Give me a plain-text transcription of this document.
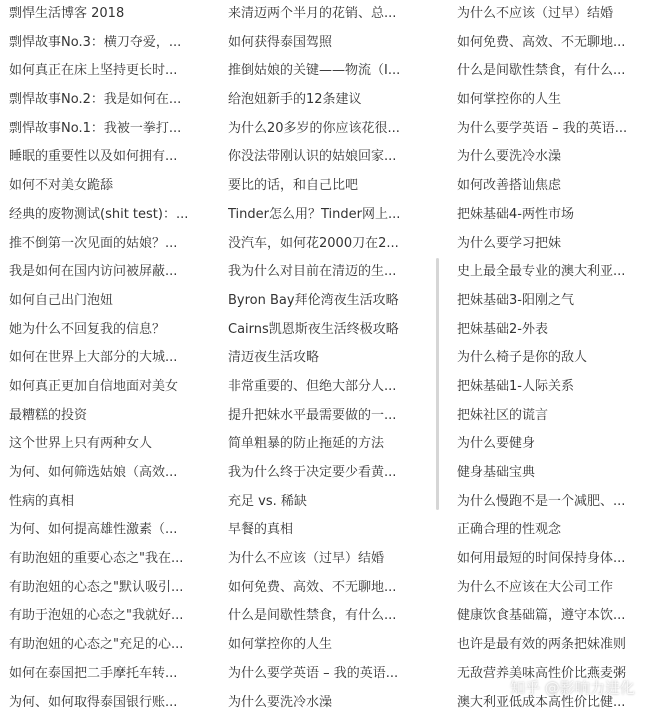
剽悍生活博客 2018
剽悍故事No.3：横刀夺爱，...
如何真正在床上坚持更长时...
剽悍故事No.2：我是如何在...
剽悍故事No.1：我被一拳打...
睡眠的重要性以及如何拥有...
如何不对美女跪舔
经典的废物测试(shit test)：...
推不倒第一次见面的姑娘？...
我是如何在国内访问被屏蔽...
如何自己出门泡妞
她为什么不回复我的信息？
如何在世界上大部分的大城...
如何真正更加自信地面对美女
最糟糕的投资
这个世界上只有两种女人
为何、如何筛选姑娘（高效...
性病的真相
为何、如何提高雄性激素（...
有助泡妞的重要心态之"我在...
有助泡妞的心态之"默认吸引...
有助于泡妞的心态之"我就好...
有助泡妞的心态之"充足的心...
如何在泰国把二手摩托车转...
为何、如何取得泰国银行账...
来清迈两个半月的花销、总...
如何获得泰国驾照
推倒姑娘的关键——物流（I...
给泡妞新手的12条建议
为什么20多岁的你应该花很...
你没法带刚认识的姑娘回家...
要比的话，和自己比吧
Tinder怎么用？Tinder网上...
没汽车，如何花2000刀在2...
我为什么对目前在清迈的生...
Byron Bay拜伦湾夜生活攻略
Cairns凯恩斯夜生活终极攻略
清迈夜生活攻略
非常重要的、但绝大部分人...
提升把妹水平最需要做的一...
简单粗暴的防止拖延的方法
我为什么终于决定要少看黄...
充足 vs. 稀缺
早餐的真相
为什么不应该（过早）结婚
如何免费、高效、不无聊地...
什么是间歇性禁食，有什么...
如何掌控你的人生
为什么要学英语 – 我的英语...
为什么要洗冷水澡
为什么不应该（过早）结婚
如何免费、高效、不无聊地...
什么是间歇性禁食，有什么...
如何掌控你的人生
为什么要学英语 – 我的英语...
为什么要洗冷水澡
如何改善搭讪焦虑
把妹基础4-两性市场
为什么要学习把妹
史上最全最专业的澳大利亚...
把妹基础3-阳刚之气
把妹基础2-外表
为什么椅子是你的敌人
把妹基础1-人际关系
把妹社区的谎言
为什么要健身
健身基础宝典
为什么慢跑不是一个减肥、...
正确合理的性观念
如何用最短的时间保持身体...
为什么不应该在大公司工作
健康饮食基础篇，遵守本饮...
也许是最有效的两条把妹准则
无敌营养美味高性价比燕麦粥
澳大利亚低成本高性价比健...
知乎 @影响力进化
